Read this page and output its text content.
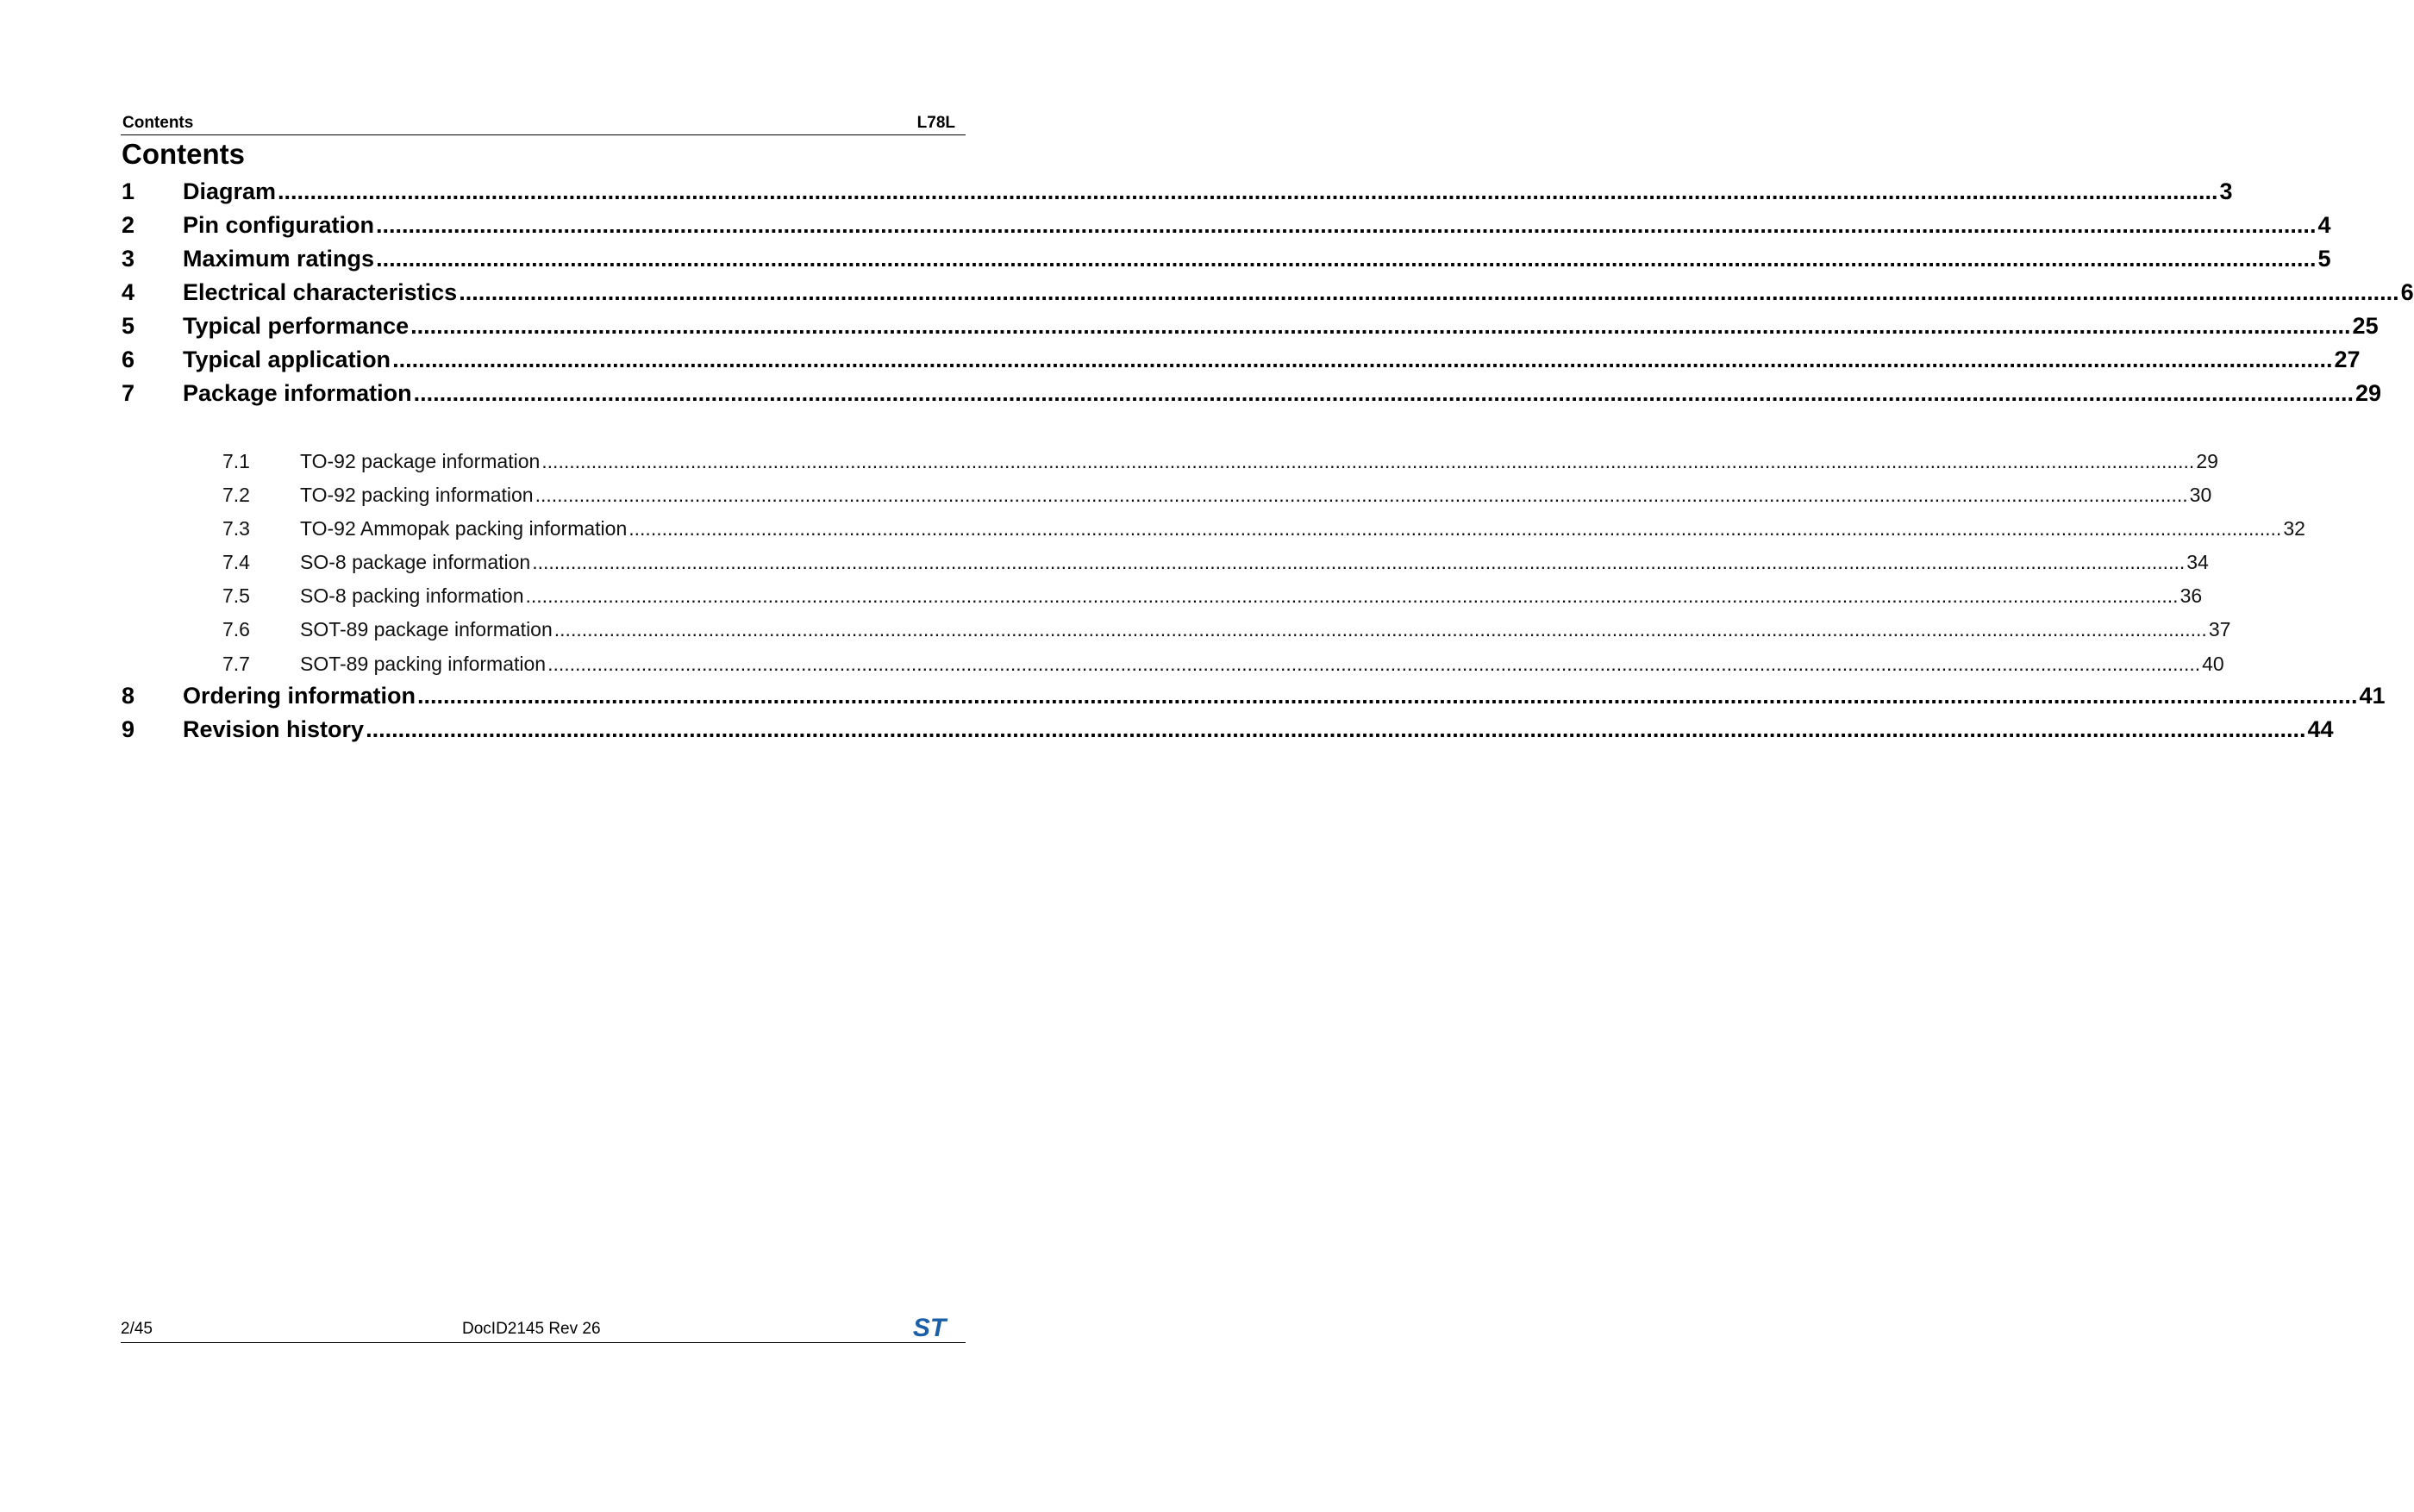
Contents	L78L
Contents
1 Diagram ............................................................................................................................................................................................................................................................................................................ 3
2 Pin configuration ............................................................................................................................................................................................................................................................................................................ 4
3 Maximum ratings ............................................................................................................................................................................................................................................................................................................ 5
4 Electrical characteristics ............................................................................................................................................................................................................................................................................................................ 6
5 Typical performance ............................................................................................................................................................................................................................................................................................................ 25
6 Typical application ............................................................................................................................................................................................................................................................................................................ 27
7 Package information ............................................................................................................................................................................................................................................................................................................ 29
7.1	TO-92 package information ............................................................................................................................................................................................................................................................................................................ 29
7.2	TO-92 packing information ............................................................................................................................................................................................................................................................................................................ 30
7.3	TO-92 Ammopak packing information ............................................................................................................................................................................................................................................................................................................ 32
7.4	SO-8 package information ............................................................................................................................................................................................................................................................................................................ 34
7.5	SO-8 packing information ............................................................................................................................................................................................................................................................................................................ 36
7.6	SOT-89 package information ............................................................................................................................................................................................................................................................................................................ 37
7.7	SOT-89 packing information ............................................................................................................................................................................................................................................................................................................ 40
8 Ordering information ............................................................................................................................................................................................................................................................................................................ 41
9 Revision history ............................................................................................................................................................................................................................................................................................................ 44
2/45	DocID2145 Rev 26	ST
